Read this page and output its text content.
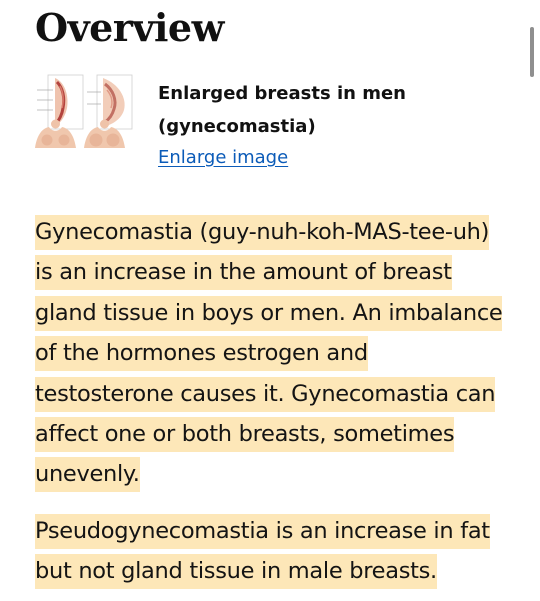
Overview
Enlarged breasts in men
(gynecomastia)
Enlarge image

Gynecomastia (guy-nuh-koh-MAS-tee-uh) is an increase in the amount of breast gland tissue in boys or men. An imbalance of the hormones estrogen and testosterone causes it. Gynecomastia can affect one or both breasts, sometimes unevenly.

Pseudogynecomastia is an increase in fat but not gland tissue in male breasts.
